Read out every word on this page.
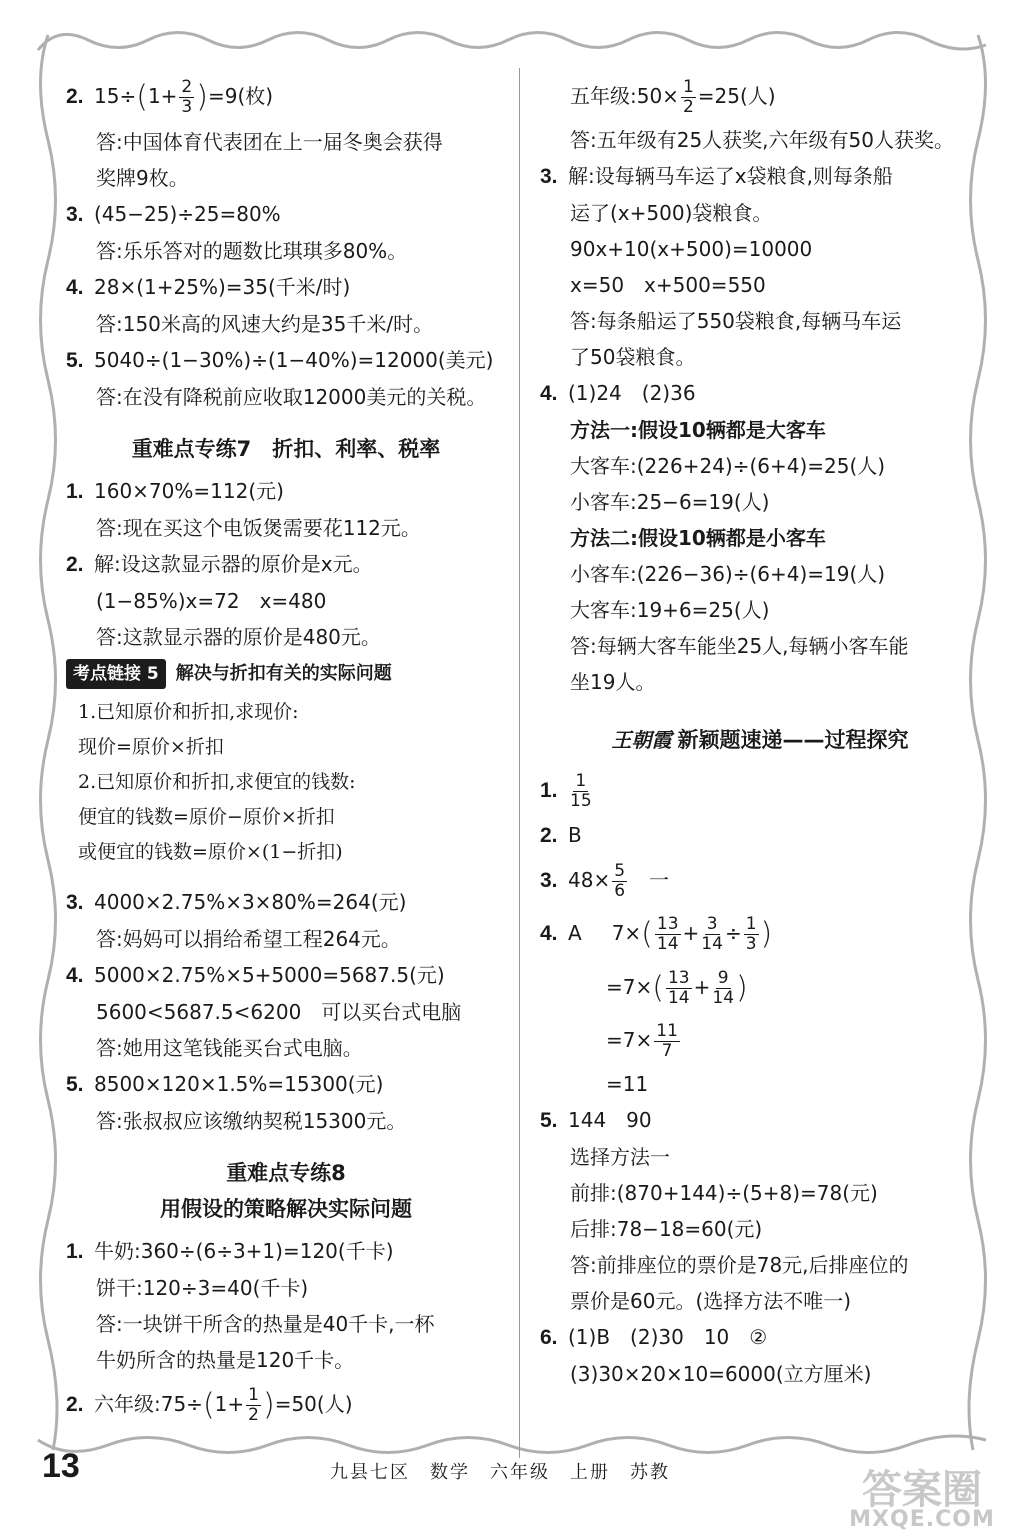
2. $15\div(1+ \frac{2}{3} )=9$(枚)
答:中国体育代表团在上一届冬奥会获得
奖牌9枚。
3. (45−25)÷25=80%
答:乐乐答对的题数比琪琪多80%。
4. 28×(1+25%)=35(千米/时)
答:150米高的风速大约是35千米/时。
5. 5040÷(1−30%)÷(1−40%)=12000(美元)
答:在没有降税前应收取12000美元的关税。
重难点专练7　折扣、利率、税率
1. 160×70%=112(元)
答:现在买这个电饭煲需要花112元。
2. 解:设这款显示器的原价是x元。
(1−85%)x=72　x=480
答:这款显示器的原价是480元。
考点链接 5 解决与折扣有关的实际问题
1.已知原价和折扣,求现价:
现价=原价×折扣
2.已知原价和折扣,求便宜的钱数:
便宜的钱数=原价−原价×折扣
或便宜的钱数=原价×(1−折扣)
3. 4000×2.75%×3×80%=264(元)
答:妈妈可以捐给希望工程264元。
4. 5000×2.75%×5+5000=5687.5(元)
5600<5687.5<6200　可以买台式电脑
答:她用这笔钱能买台式电脑。
5. 8500×120×1.5%=15300(元)
答:张叔叔应该缴纳契税15300元。
重难点专练8
用假设的策略解决实际问题
1. 牛奶:360÷(6÷3+1)=120(千卡)
饼干:120÷3=40(千卡)
答:一块饼干所含的热量是40千卡,一杯
牛奶所含的热量是120千卡。
2. 六年级:75÷(1+ $\frac{1}{2} )=50$(人)
五年级:50× $\frac{1}{2} =25$(人)
答:五年级有25人获奖,六年级有50人获奖。
3. 解:设每辆马车运了x袋粮食,则每条船
运了(x+500)袋粮食。
90x+10(x+500)=10000
x=50　x+500=550
答:每条船运了550袋粮食,每辆马车运
了50袋粮食。
4. (1)24　(2)36
方法一:假设10辆都是大客车
大客车:(226+24)÷(6+4)=25(人)
小客车:25−6=19(人)
方法二:假设10辆都是小客车
小客车:(226−36)÷(6+4)=19(人)
大客车:19+6=25(人)
答:每辆大客车能坐25人,每辆小客车能
坐19人。
王朝霞 新颖题速递——过程探究
1. $\frac{1}{15}$
2. B
3. $48\times \frac{5}{6}$ 一
4. A $7\times( \frac{13}{14} + \frac{3}{14} \div \frac{1}{3}$ )
$=7\times( \frac{13}{14} + \frac{9}{14}$ )
$=7\times \frac{11}{7}$
=11
5. 144　90
选择方法一
前排:(870+144)÷(5+8)=78(元)
后排:78−18=60(元)
答:前排座位的票价是78元,后排座位的
票价是60元。(选择方法不唯一)
6. (1)B　(2)30　10　②
(3)30×20×10=6000(立方厘米)
13	九县七区　数学　六年级　上册　苏教	答案圈
MXQE.COM
